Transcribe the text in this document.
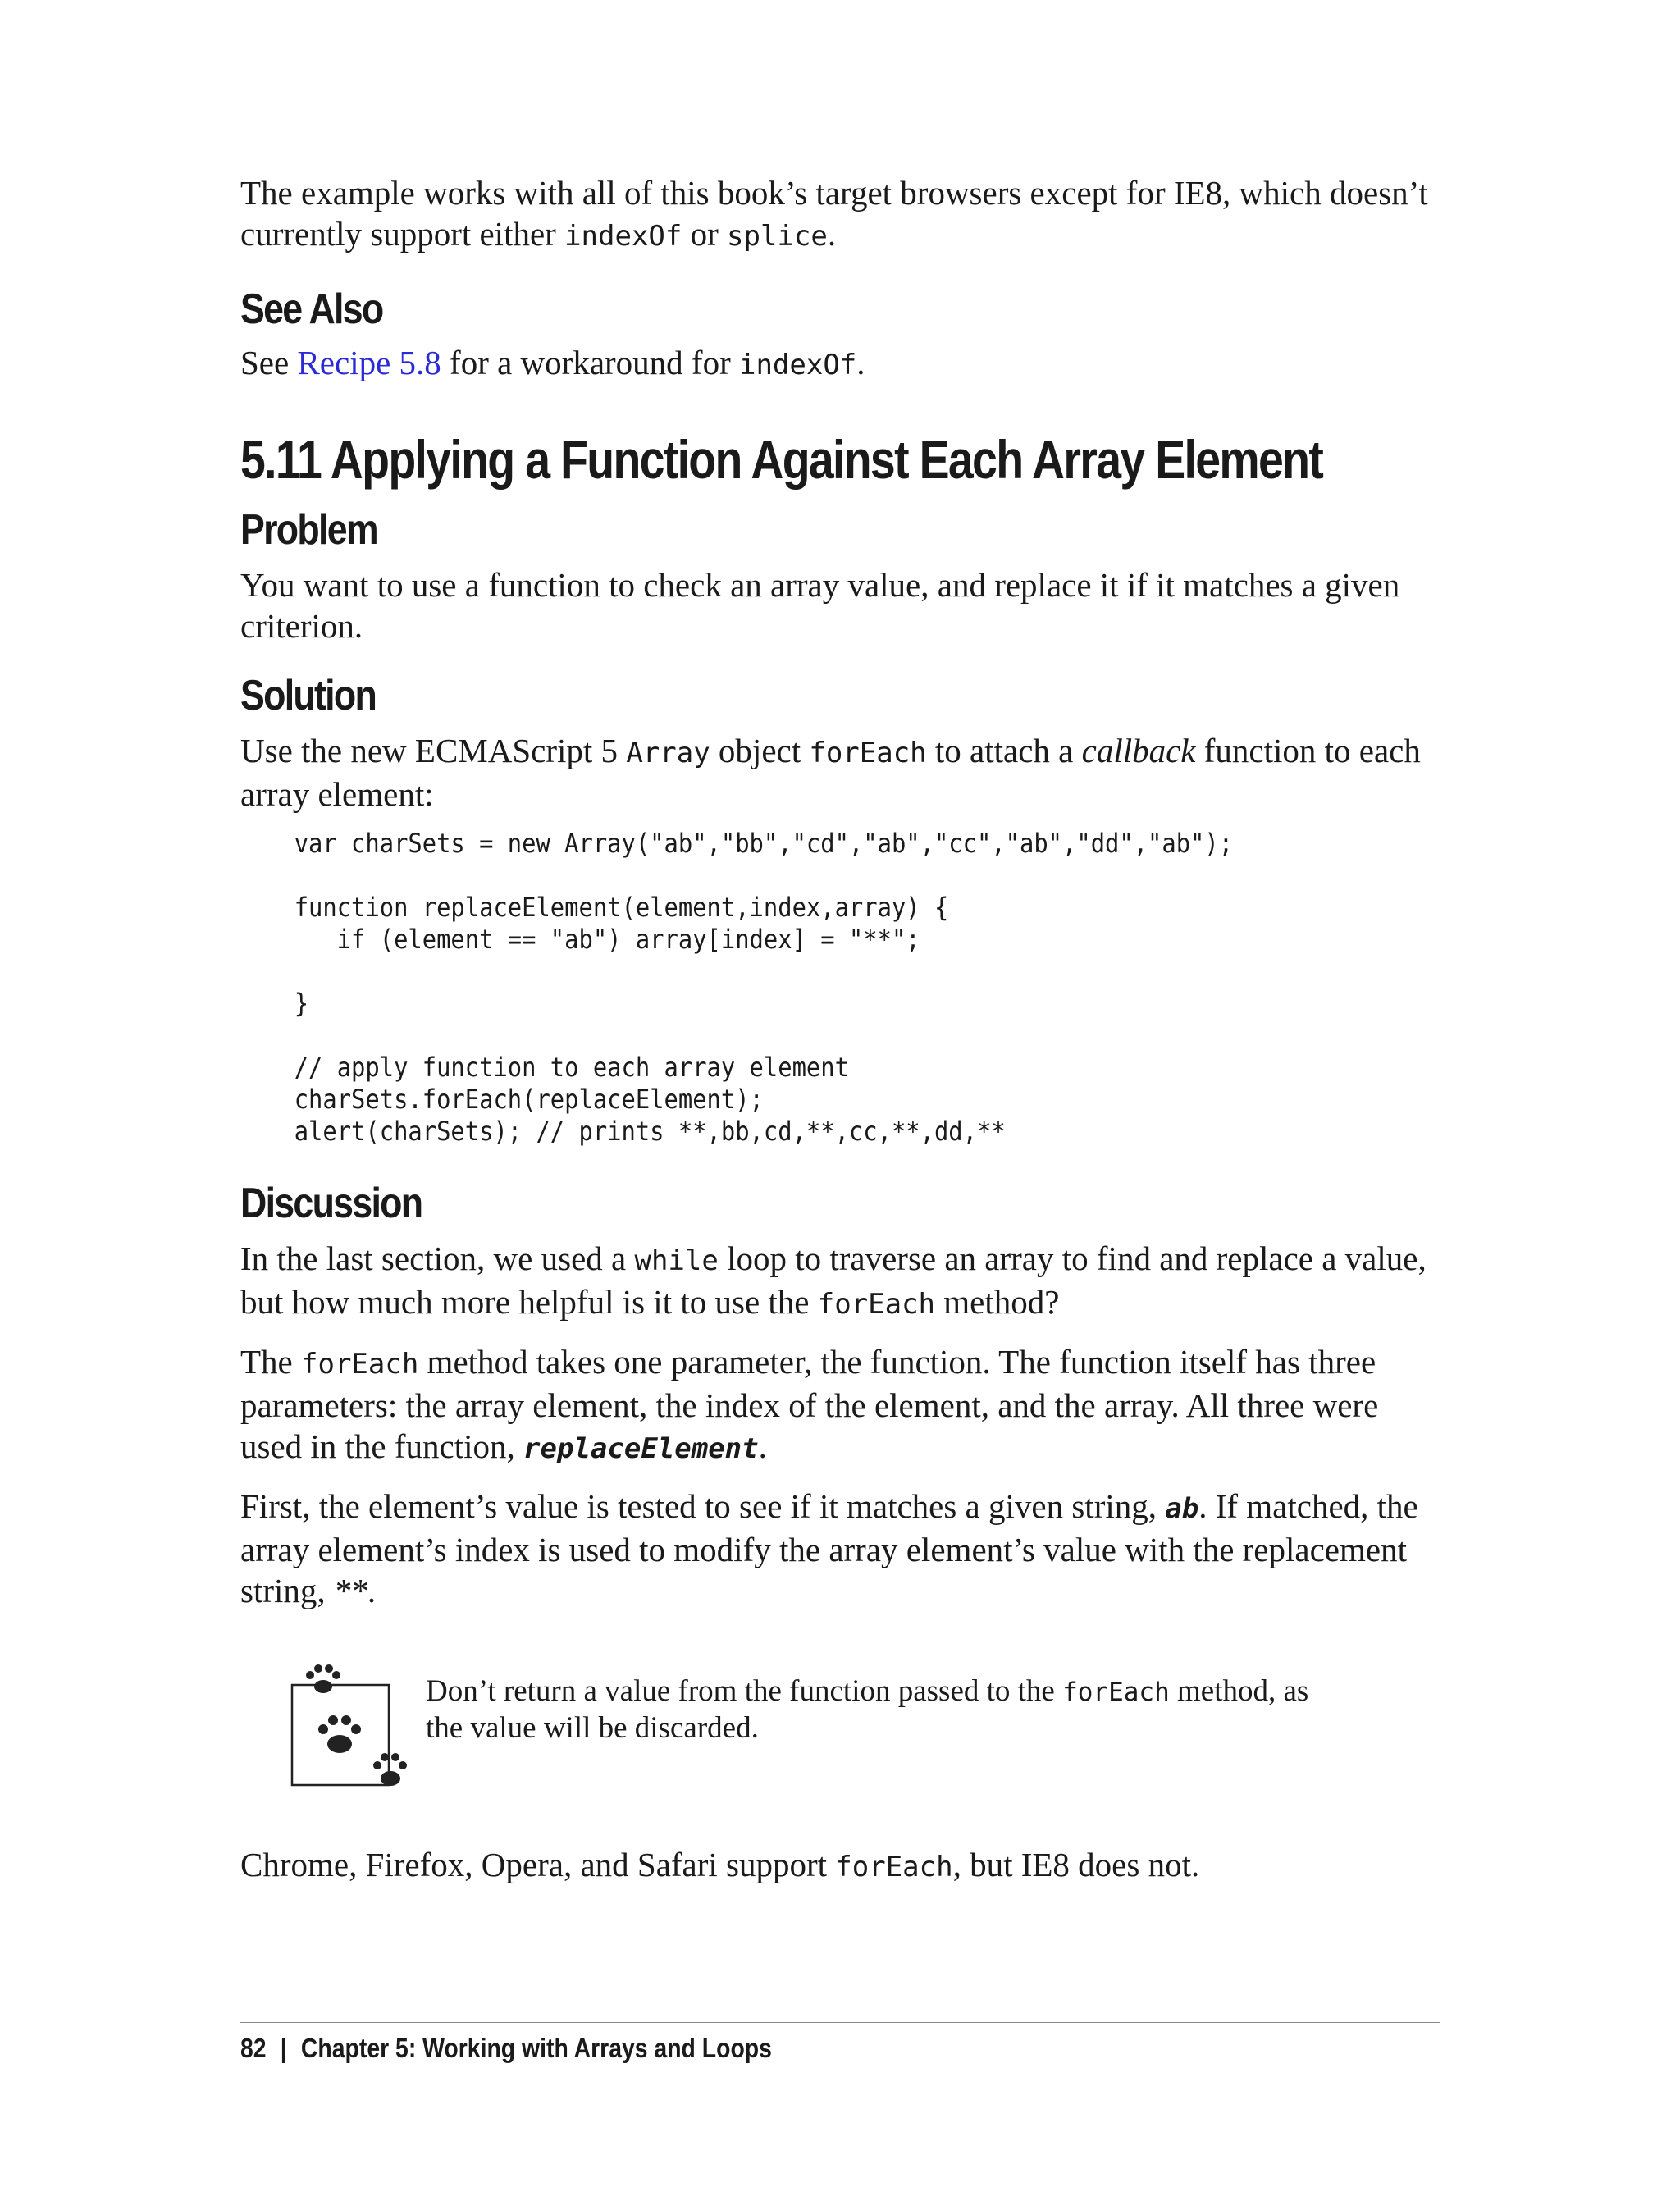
The example works with all of this book’s target browsers except for IE8, which doesn’t currently support either indexOf or splice.

See Also

See Recipe 5.8 for a workaround for indexOf.

5.11 Applying a Function Against Each Array Element
Problem

You want to use a function to check an array value, and replace it if it matches a given criterion.

Solution

Use the new ECMAScript 5 Array object forEach to attach a callback function to each array element:

var charSets = new Array("ab","bb","cd","ab","cc","ab","dd","ab");

function replaceElement(element,index,array) {
if (element == "ab") array[index] = "**";

}

// apply function to each array element
charSets.forEach(replaceElement);
alert(charSets); // prints **,bb,cd,**,cc,**,dd,**
Discussion

In the last section, we used a while loop to traverse an array to find and replace a value, but how much more helpful is it to use the forEach method?

The forEach method takes one parameter, the function. The function itself has three parameters: the array element, the index of the element, and the array. All three were used in the function, replaceElement.

First, the element’s value is tested to see if it matches a given string, ab. If matched, the array element’s index is used to modify the array element’s value with the replacement string, **.

Don’t return a value from the function passed to the forEach method, as the value will be discarded.

Chrome, Firefox, Opera, and Safari support forEach, but IE8 does not.

82 | Chapter 5: Working with Arrays and Loops
